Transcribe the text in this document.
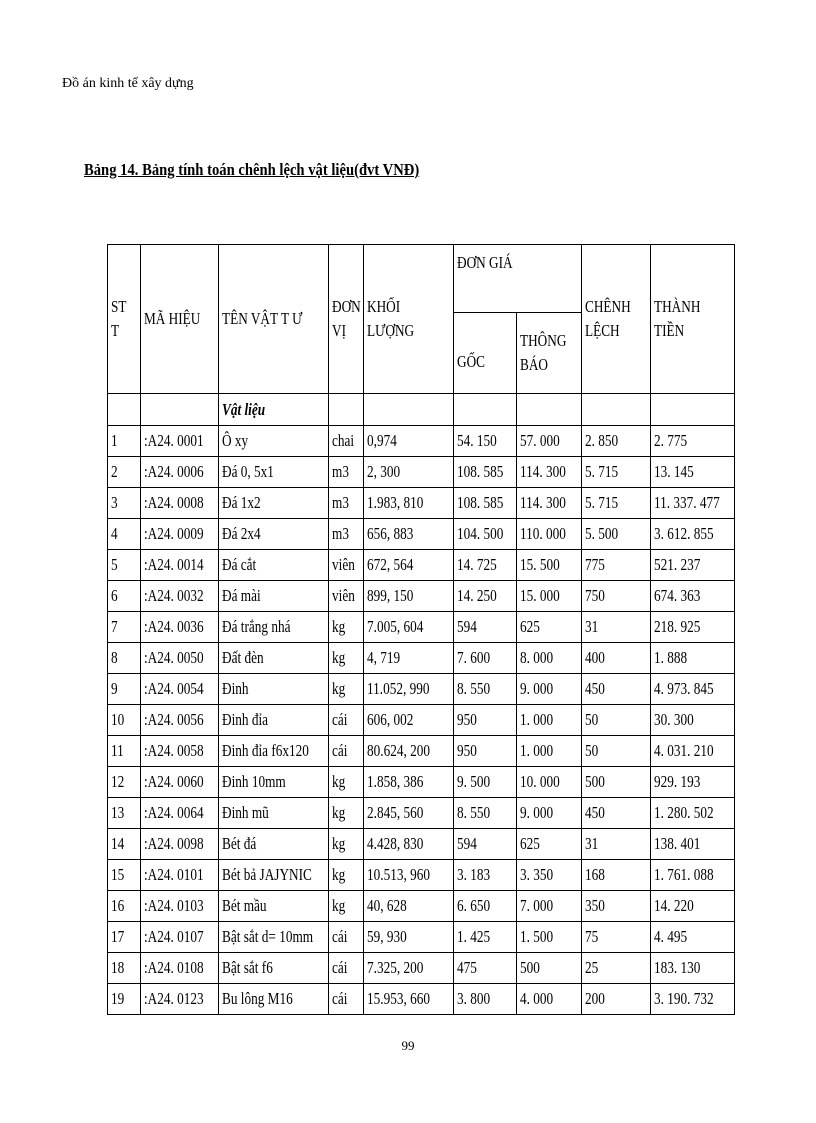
Đồ án kinh tế xây dựng
Bảng 14. Bảng tính toán chênh lệch vật liệu(đvt VNĐ)
ST T	MÃ HIỆU	TÊN VẬT T Ư	ĐƠN VỊ	KHỐI LƯỢNG	ĐƠN GIÁ		CHÊNH LỆCH	THÀNH TIỀN
					GỐC	THÔNG BÁO		
		Vật liệu						
1	:A24. 0001	Ô xy	chai	0,974	54. 150	57. 000	2. 850	2. 775
2	:A24. 0006	Đá 0, 5x1	m3	2, 300	108. 585	114. 300	5. 715	13. 145
3	:A24. 0008	Đá 1x2	m3	1.983, 810	108. 585	114. 300	5. 715	11. 337. 477
4	:A24. 0009	Đá 2x4	m3	656, 883	104. 500	110. 000	5. 500	3. 612. 855
5	:A24. 0014	Đá cắt	viên	672, 564	14. 725	15. 500	775	521. 237
6	:A24. 0032	Đá mài	viên	899, 150	14. 250	15. 000	750	674. 363
7	:A24. 0036	Đá trắng nhá	kg	7.005, 604	594	625	31	218. 925
8	:A24. 0050	Đất đèn	kg	4, 719	7. 600	8. 000	400	1. 888
9	:A24. 0054	Đinh	kg	11.052, 990	8. 550	9. 000	450	4. 973. 845
10	:A24. 0056	Đinh đỉa	cái	606, 002	950	1. 000	50	30. 300
11	:A24. 0058	Đinh đỉa f6x120	cái	80.624, 200	950	1. 000	50	4. 031. 210
12	:A24. 0060	Đinh 10mm	kg	1.858, 386	9. 500	10. 000	500	929. 193
13	:A24. 0064	Đinh mũ	kg	2.845, 560	8. 550	9. 000	450	1. 280. 502
14	:A24. 0098	Bét đá	kg	4.428, 830	594	625	31	138. 401
15	:A24. 0101	Bét bả JAJYNIC	kg	10.513, 960	3. 183	3. 350	168	1. 761. 088
16	:A24. 0103	Bét mầu	kg	40, 628	6. 650	7. 000	350	14. 220
17	:A24. 0107	Bật sắt d= 10mm	cái	59, 930	1. 425	1. 500	75	4. 495
18	:A24. 0108	Bật sắt f6	cái	7.325, 200	475	500	25	183. 130
19	:A24. 0123	Bu lông M16	cái	15.953, 660	3. 800	4. 000	200	3. 190. 732
99
